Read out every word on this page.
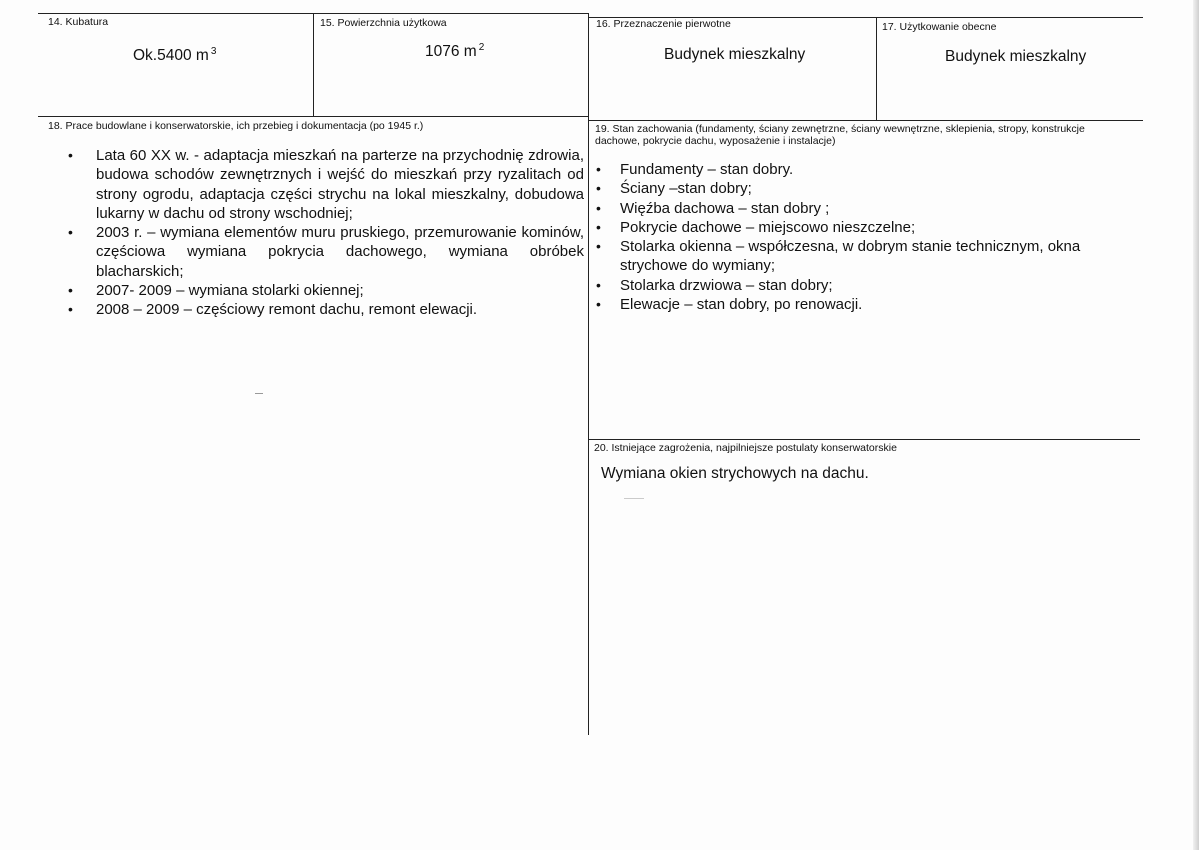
14. Kubatura
Ok.5400 m $^3$
15. Powierzchnia użytkowa
1076 m $^2$
16. Przeznaczenie pierwotne
Budynek mieszkalny
17. Użytkowanie obecne
Budynek mieszkalny
18. Prace budowlane i konserwatorskie, ich przebieg i dokumentacja (po 1945 r.)
• Lata 60 XX w. - adaptacja mieszkań na parterze na przychodnię zdrowia, budowa schodów zewnętrznych i wejść do mieszkań przy ryzalitach od strony ogrodu, adaptacja części strychu na lokal mieszkalny, dobudowa lukarny w dachu od strony wschodniej;
• 2003 r. – wymiana elementów muru pruskiego, przemurowanie kominów, częściowa wymiana pokrycia dachowego, wymiana obróbek blacharskich;
• 2007- 2009 – wymiana stolarki okiennej;
• 2008 – 2009 – częściowy remont dachu, remont elewacji.
19. Stan zachowania (fundamenty, ściany zewnętrzne, ściany wewnętrzne, sklepienia, stropy, konstrukcje dachowe, pokrycie dachu, wyposażenie i instalacje)
• Fundamenty – stan dobry.
• Ściany –stan dobry;
• Więźba dachowa – stan dobry ;
• Pokrycie dachowe – miejscowo nieszczelne;
• Stolarka okienna – współczesna, w dobrym stanie technicznym, okna strychowe do wymiany;
• Stolarka drzwiowa – stan dobry;
• Elewacje – stan dobry, po renowacji.
20. Istniejące zagrożenia, najpilniejsze postulaty konserwatorskie
Wymiana okien strychowych na dachu.
